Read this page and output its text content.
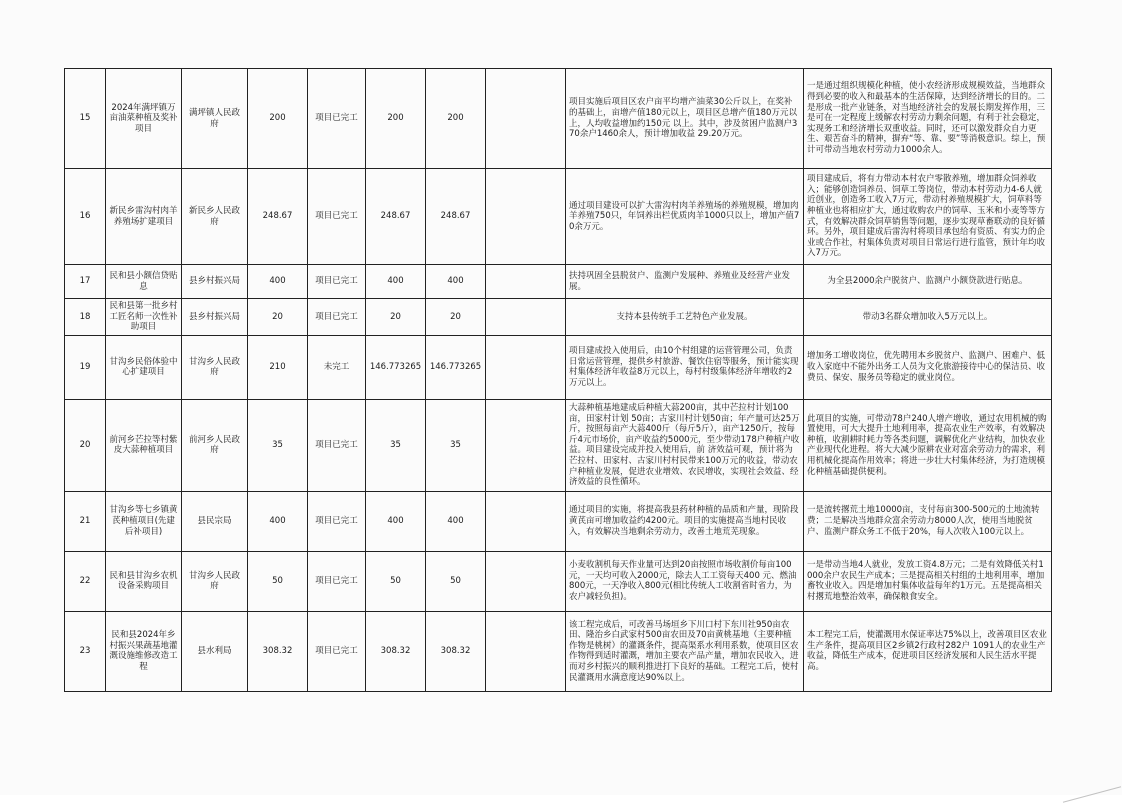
15	2024年满坪镇万亩油菜种植及奖补项目	满坪镇人民政府	200	项目已完工	200	200		项目实施后项目区农户亩平均增产油菜30公斤以上，在奖补的基础上，亩增产值180元以上，项目区总增产值180万元以上，人均收益增加约150元 以上。其中，涉及贫困户监测户370余户1460余人，预计增加收益 29.20万元。	一是通过组织规模化种植，使小农经济形成规模效益，当地群众得到必要的收入和最基本的生活保障，达到经济增长的目的。二是形成一批产业链条，对当地经济社会的发展长期发挥作用，三是可在一定程度上缓解农村劳动力剩余问题，有利于社会稳定，实现务工和经济增长双重收益。同时，还可以激发群众自力更生、艰苦奋斗的精神，摒弃“等、靠、要”等消极意识。综上，预计可带动当地农村劳动力1000余人。
16	新民乡雷沟村肉羊养殖场扩建项目	新民乡人民政府	248.67	项目已完工	248.67	248.67		通过项目建设可以扩大雷沟村肉羊养殖场的养殖规模，增加肉羊养殖750只，年饲养出栏优质肉羊1000只以上，增加产值70余万元。	项目建成后，将有力带动本村农户零散养殖，增加群众饲养收入；能够创造饲养员、饲草工等岗位，带动本村劳动力4-6人就近创业，创造务工收入7万元，带动村养殖规模扩大，饲草料等种植业也将相应扩大，通过收购农户的饲草、玉米和小麦等等方式，有效解决群众饲草销售等问题，逐步实现草畜联动的良好循环。另外，项目建成后雷沟村将项目承包给有资质、有实力的企业或合作社，村集体负责对项目日常运行进行监管，预计年均收入7万元。
17	民和县小额信贷贴息	县乡村振兴局	400	项目已完工	400	400		扶持巩固全县脱贫户、监测户发展种、养殖业及经营产业发展。	为全县2000余户脱贫户、监测户小额贷款进行贴息。
18	民和县第一批乡村工匠名师一次性补助项目	县乡村振兴局	20	项目已完工	20	20		支持本县传统手工艺特色产业发展。	带动3名群众增加收入5万元以上。
19	甘沟乡民俗体验中心扩建项目	甘沟乡人民政府	210	未完工	146.773265	146.773265		项目建成投入使用后，由10个村组建的运营管理公司，负责日常运营管理，提供乡村旅游、餐饮住宿等服务，预计能实现村集体经济年收益8万元以上，每村村级集体经济年增收约2万元以上。	增加务工增收岗位，优先聘用本乡脱贫户、监测户、困难户、低收入家庭中不能外出务工人员为文化旅游接待中心的保洁员、收费员、保安、服务员等稳定的就业岗位。
20	前河乡芒拉等村紫皮大蒜种植项目	前河乡人民政府	35	项目已完工	35	35		大蒜种植基地建成后种植大蒜200亩，其中芒拉村计划100亩，田家村计划 50亩；古家川村计划50亩；年产量可达25万斤，按照每亩产大蒜400斤（每斤5斤），亩产1250斤，按每斤4元市场价，亩产收益约5000元，至少带动178户种植户收益。项目建设完成并投入使用后，前 济效益可观，预计将为芒拉村、田家村、古家川村村民带来100万元的收益，带动农户种植业发展，促进农业增效、农民增收，实现社会效益、经济效益的良性循环。	此项目的实施，可带动78户240人增产增收，通过农用机械的购置使用，可大大提升土地利用率，提高农业生产效率，有效解决种植，收割耕时耗力等各类问题，调解优化产业结构，加快农业产业现代化进程。将大大减少原耕农业对富余劳动力的需求，利用机械化提高作用效率；将进一步壮大村集体经济，为打造规模化种植基础提供便利。
21	甘沟乡等七乡镇黄芪种植项目(先建后补项目)	县民宗局	400	项目已完工	400	400		通过项目的实施，将提高我县药材种植的品质和产量，现阶段黄芪亩可增加收益约4200元。项目的实施提高当地村民收入，有效解决当地剩余劳动力，改善土地荒芜现象。	一是流转撂荒土地10000亩，支付每亩300-500元的土地流转费；二是解决当地群众富余劳动力8000人次，使用当地脱贫户、监测户群众务工不低于20%，每人次收入100元以上。
22	民和县甘沟乡农机设备采购项目	甘沟乡人民政府	50	项目已完工	50	50		小麦收割机每天作业量可达到20亩按照市场收割价每亩100元，一天均可收入2000元，除去人工工资每天400 元、燃油800元，一天净收入800元(相比传统人工收割省时省力，为农户减轻负担)。	一是带动当地4人就业，发放工资4.8万元；二是有效降低关村1000余户农民生产成本；三是提高相关村组的土地利用率，增加畜牧业收入。四是增加村集体收益每年约1万元。五是提高相关村撂荒地整治效率，确保粮食安全。
23	民和县2024年乡村振兴果蔬基地灌溉设施维修改造工程	县水利局	308.32	项目已完工	308.32	308.32		该工程完成后，可改善马场垣乡下川口村下东川社950亩农田、隆治乡白武家村500亩农田及70亩黄桃基地（主要种植作物是桃树）的灌溉条件，提高渠系水利用系数，使项目区农作物得到适时灌溉，增加主要农产品产量，增加农民收入，进而对乡村振兴的顺利推进打下良好的基础。工程完工后，使村民灌溉用水满意度达90%以上。	本工程完工后，使灌溉用水保证率达75%以上，改善项目区农业生产条件，提高项目区2乡镇2行政村282户 1091人的农业生产收益，降低生产成本，促进项目区经济发展和人民生活水平提高。
